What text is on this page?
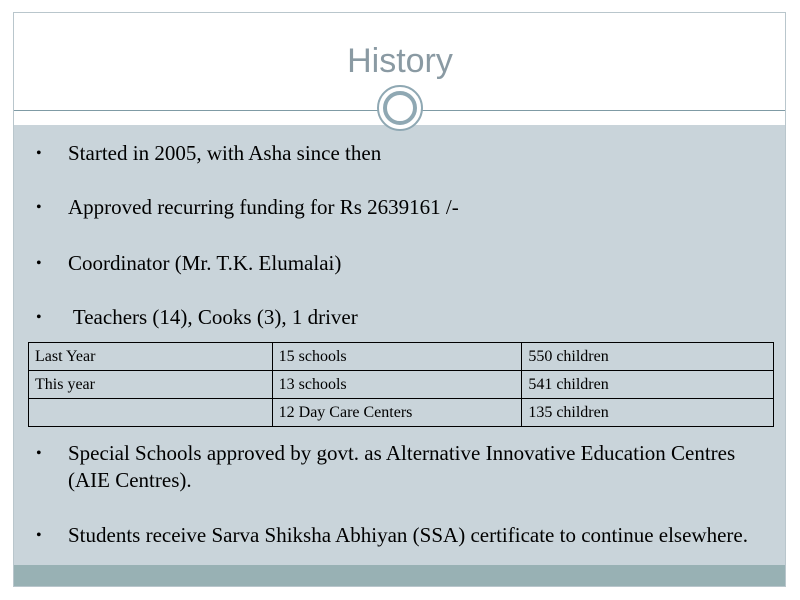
History
• Started in 2005, with Asha since then
• Approved recurring funding for Rs 2639161 /-
• Coordinator (Mr. T.K. Elumalai)
• Teachers (14), Cooks (3), 1 driver
Last Year	15 schools	550 children
This year	13 schools	541 children
	12 Day Care Centers	135 children
• Special Schools approved by govt. as Alternative Innovative Education Centres (AIE Centres).
• Students receive Sarva Shiksha Abhiyan (SSA) certificate to continue elsewhere.
